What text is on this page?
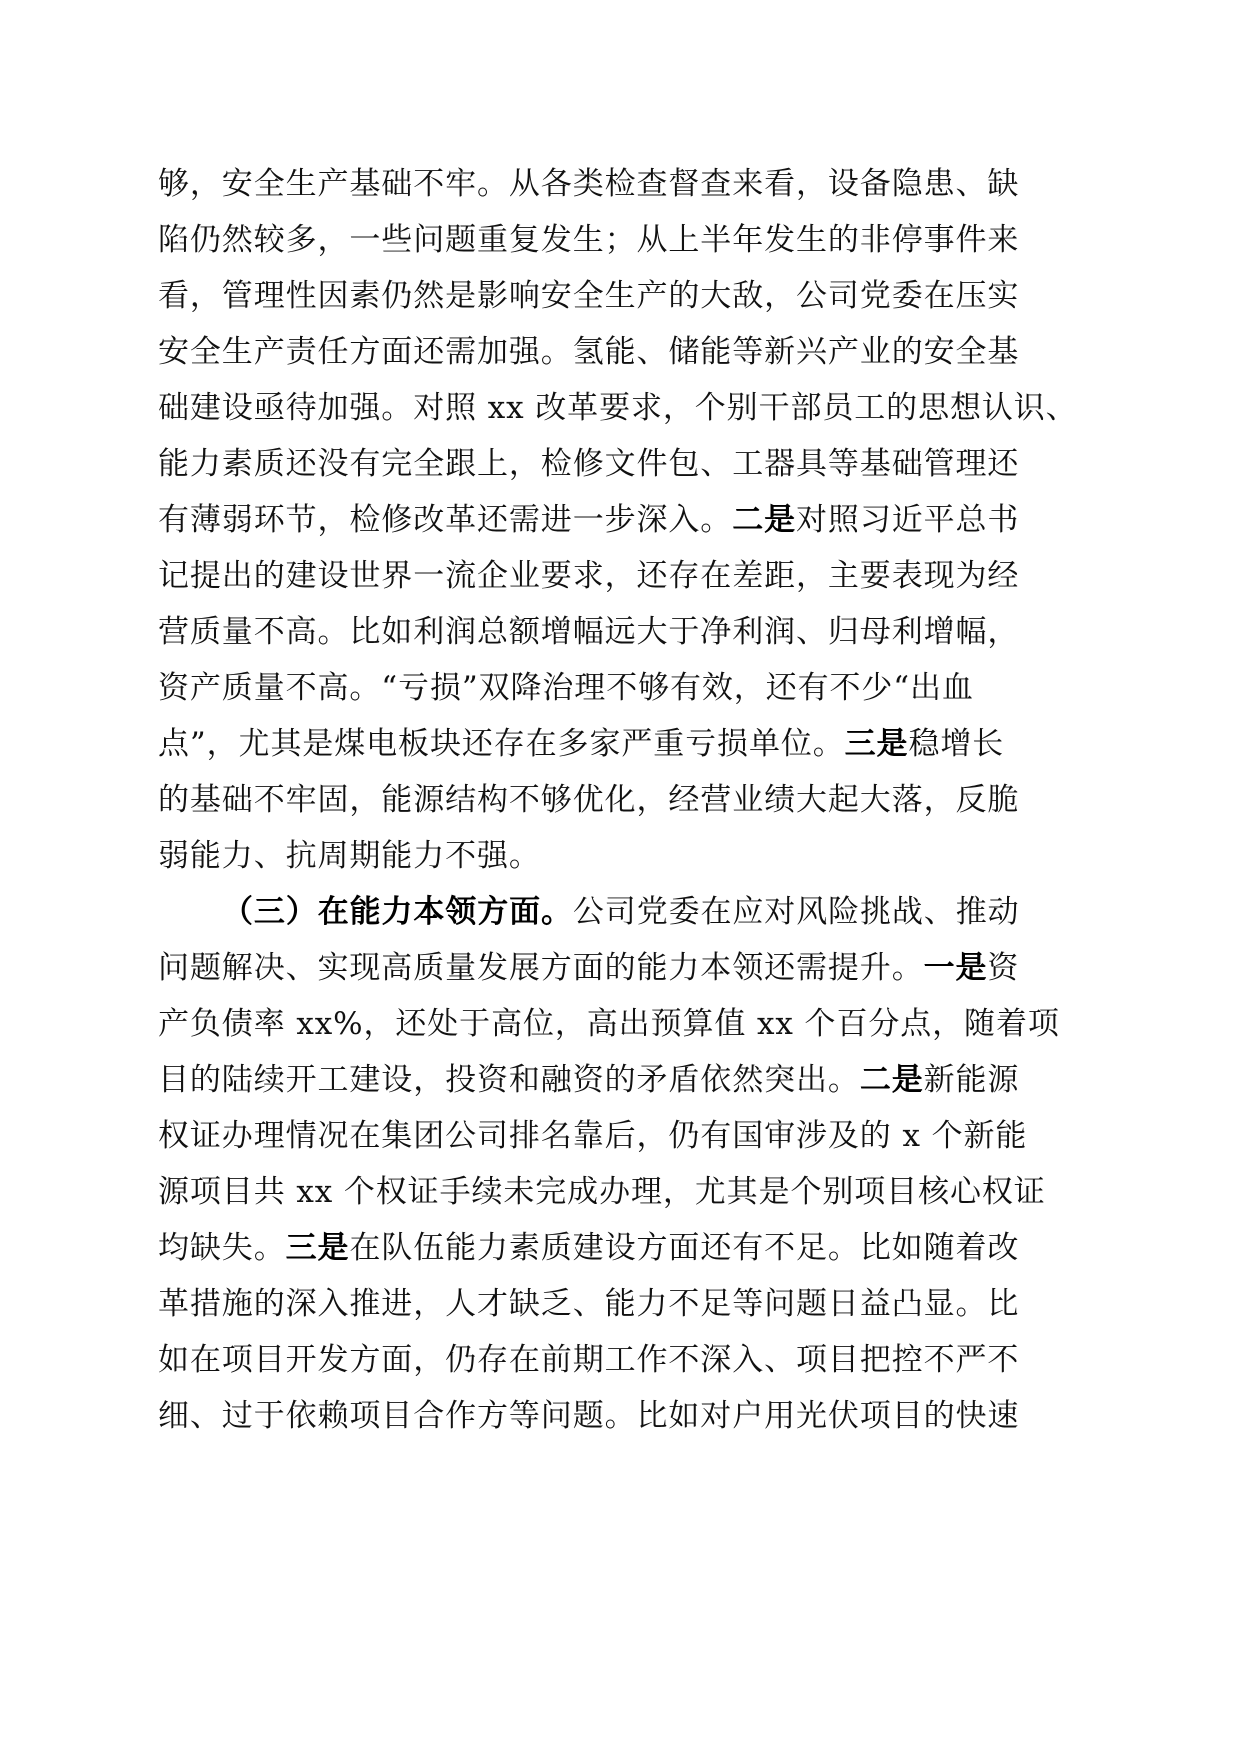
够，安全生产基础不牢。从各类检查督查来看，设备隐患、缺
陷仍然较多，一些问题重复发生；从上半年发生的非停事件来
看，管理性因素仍然是影响安全生产的大敌，公司党委在压实
安全生产责任方面还需加强。氢能、储能等新兴产业的安全基
础建设亟待加强。对照 xx 改革要求，个别干部员工的思想认识、
能力素质还没有完全跟上，检修文件包、工器具等基础管理还
有薄弱环节，检修改革还需进一步深入。二是对照习近平总书
记提出的建设世界一流企业要求，还存在差距，主要表现为经
营质量不高。比如利润总额增幅远大于净利润、归母利增幅，
资产质量不高。“亏损”双降治理不够有效，还有不少“出血
点”，尤其是煤电板块还存在多家严重亏损单位。三是稳增长
的基础不牢固，能源结构不够优化，经营业绩大起大落，反脆
弱能力、抗周期能力不强。
（三）在能力本领方面。公司党委在应对风险挑战、推动
问题解决、实现高质量发展方面的能力本领还需提升。一是资
产负债率 xx%，还处于高位，高出预算值 xx 个百分点，随着项
目的陆续开工建设，投资和融资的矛盾依然突出。二是新能源
权证办理情况在集团公司排名靠后，仍有国审涉及的 x 个新能
源项目共 xx 个权证手续未完成办理，尤其是个别项目核心权证
均缺失。三是在队伍能力素质建设方面还有不足。比如随着改
革措施的深入推进，人才缺乏、能力不足等问题日益凸显。比
如在项目开发方面，仍存在前期工作不深入、项目把控不严不
细、过于依赖项目合作方等问题。比如对户用光伏项目的快速
